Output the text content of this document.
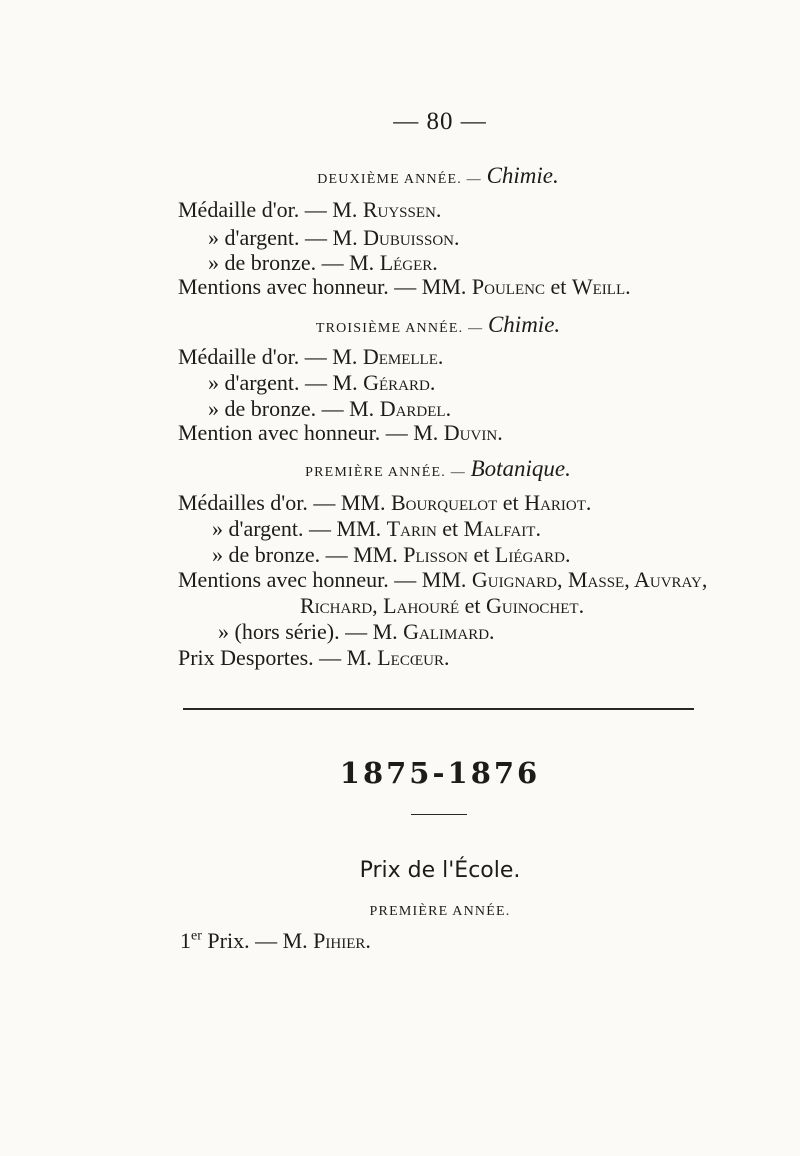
— 80 —
DEUXIÈME ANNÉE. — Chimie.
Médaille d'or. — M. Ruyssen.
» d'argent. — M. Dubuisson.
» de bronze. — M. Léger.
Mentions avec honneur. — MM. Poulenc et Weill.
TROISIÈME ANNÉE. — Chimie.
Médaille d'or. — M. Demelle.
» d'argent. — M. Gérard.
» de bronze. — M. Dardel.
Mention avec honneur. — M. Duvin.
PREMIÈRE ANNÉE. — Botanique.
Médailles d'or. — MM. Bourquelot et Hariot.
» d'argent. — MM. Tarin et Malfait.
» de bronze. — MM. Plisson et Liégard.
Mentions avec honneur. — MM. Guignard, Masse, Auvray,
Richard, Lahouré et Guinochet.
» (hors série). — M. Galimard.
Prix Desportes. — M. Lecœur.
1875-1876
Prix de l'École.
PREMIÈRE ANNÉE.
1er Prix. — M. Pihier.
